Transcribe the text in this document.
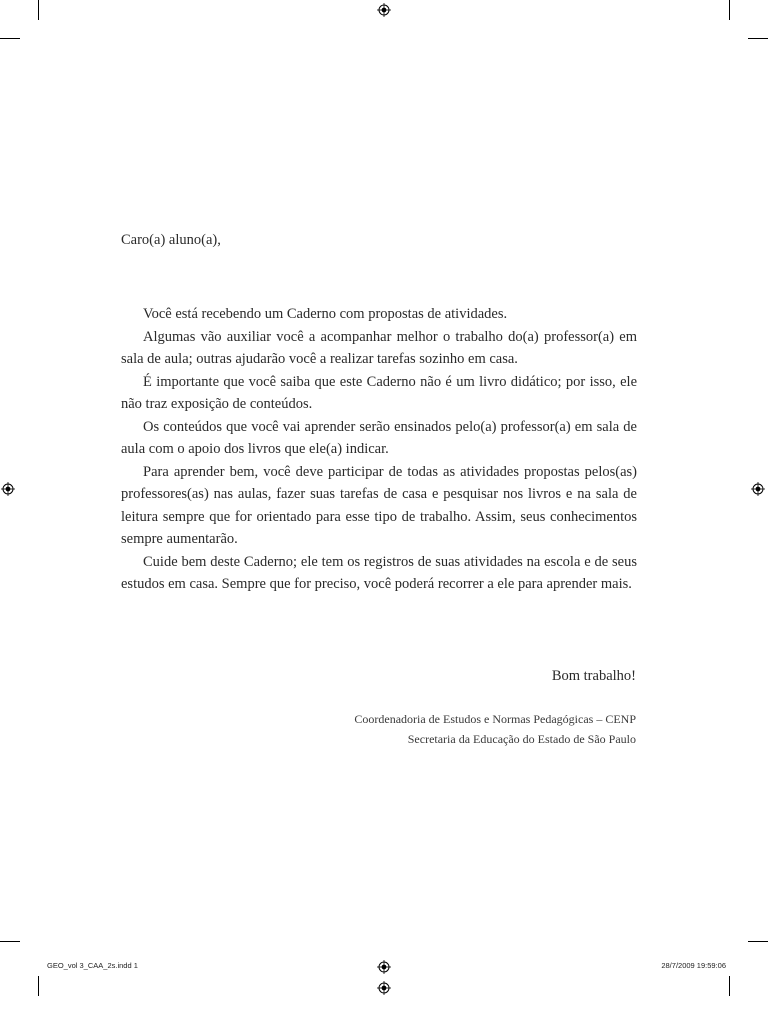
Caro(a) aluno(a),

Você está recebendo um Caderno com propostas de atividades.

Algumas vão auxiliar você a acompanhar melhor o trabalho do(a) professor(a) em sala de aula; outras ajudarão você a realizar tarefas sozinho em casa.

É importante que você saiba que este Caderno não é um livro didático; por isso, ele não traz exposição de conteúdos.

Os conteúdos que você vai aprender serão ensinados pelo(a) professor(a) em sala de aula com o apoio dos livros que ele(a) indicar.

Para aprender bem, você deve participar de todas as atividades propostas pelos(as) professores(as) nas aulas, fazer suas tarefas de casa e pesquisar nos livros e na sala de leitura sempre que for orientado para esse tipo de trabalho. Assim, seus conhecimentos sempre aumentarão.

Cuide bem deste Caderno; ele tem os registros de suas atividades na escola e de seus estudos em casa. Sempre que for preciso, você poderá recorrer a ele para aprender mais.

Bom trabalho!
Coordenadoria de Estudos e Normas Pedagógicas – CENP
Secretaria da Educação do Estado de São Paulo
GEO_vol 3_CAA_2s.indd 1	28/7/2009 19:59:06
